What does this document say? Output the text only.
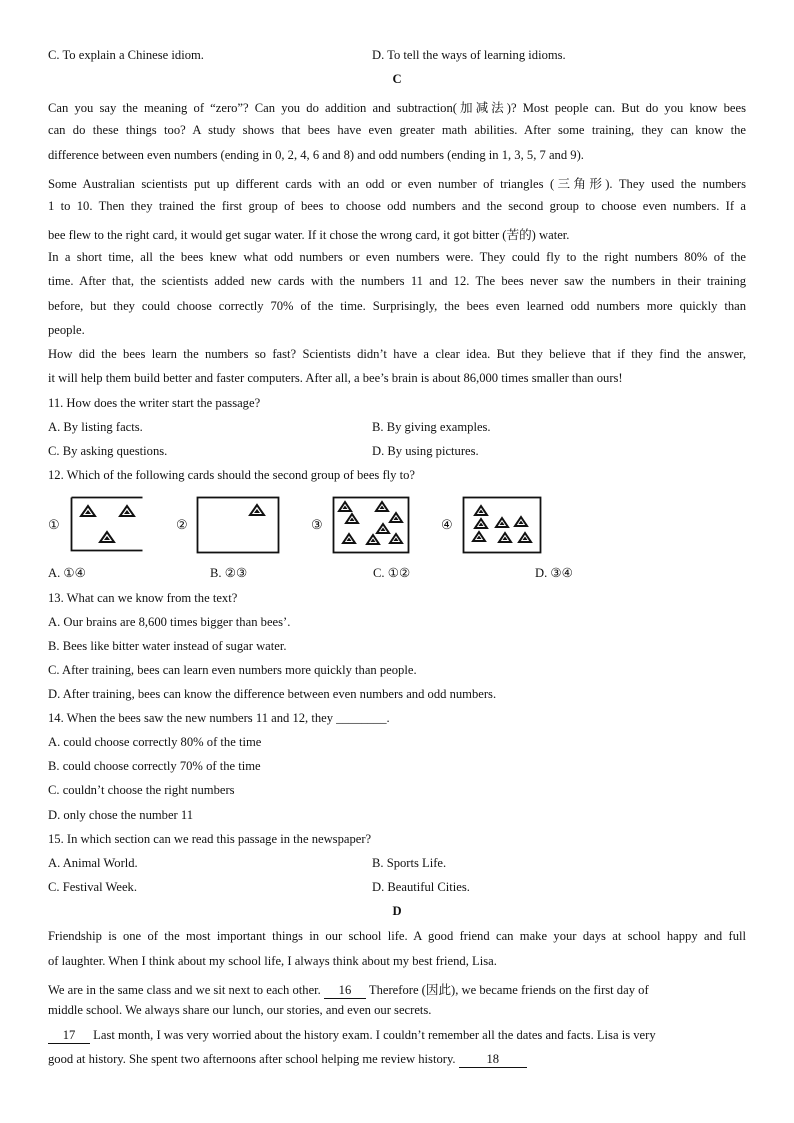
C. To explain a Chinese idiom.	D. To tell the ways of learning idioms.
C
Can you say the meaning of “zero”? Can you do addition and subtraction(加减法)? Most people can. But do you know bees
can do these things too? A study shows that bees have even greater math abilities. After some training, they can know the
difference between even numbers (ending in 0, 2, 4, 6 and 8) and odd numbers (ending in 1, 3, 5, 7 and 9).
Some Australian scientists put up different cards with an odd or even number of triangles (三角形). They used the numbers
1 to 10. Then they trained the first group of bees to choose odd numbers and the second group to choose even numbers. If a
bee flew to the right card, it would get sugar water. If it chose the wrong card, it got bitter (苦的) water.
In a short time, all the bees knew what odd numbers or even numbers were. They could fly to the right numbers 80% of the
time. After that, the scientists added new cards with the numbers 11 and 12. The bees never saw the numbers in their training
before, but they could choose correctly 70% of the time. Surprisingly, the bees even learned odd numbers more quickly than
people.
How did the bees learn the numbers so fast? Scientists didn’t have a clear idea. But they believe that if they find the answer,
it will help them build better and faster computers. After all, a bee’s brain is about 86,000 times smaller than ours!
11. How does the writer start the passage?
A. By listing facts.	B. By giving examples.
C. By asking questions.	D. By using pictures.
12. Which of the following cards should the second group of bees fly to?
①	②	③	④
A. ①④	B. ②③	C. ①②	D. ③④
13. What can we know from the text?
A. Our brains are 8,600 times bigger than bees’.
B. Bees like bitter water instead of sugar water.
C. After training, bees can learn even numbers more quickly than people.
D. After training, bees can know the difference between even numbers and odd numbers.
14. When the bees saw the new numbers 11 and 12, they ________.
A. could choose correctly 80% of the time
B. could choose correctly 70% of the time
C. couldn’t choose the right numbers
D. only chose the number 11
15. In which section can we read this passage in the newspaper?
A. Animal World.	B. Sports Life.
C. Festival Week.	D. Beautiful Cities.
D
Friendship is one of the most important things in our school life. A good friend can make your days at school happy and full
of laughter. When I think about my school life, I always think about my best friend, Lisa.
We are in the same class and we sit next to each other. 16 Therefore (因此), we became friends on the first day of
middle school. We always share our lunch, our stories, and even our secrets.
17 Last month, I was very worried about the history exam. I couldn’t remember all the dates and facts. Lisa is very
good at history. She spent two afternoons after school helping me review history. 18
